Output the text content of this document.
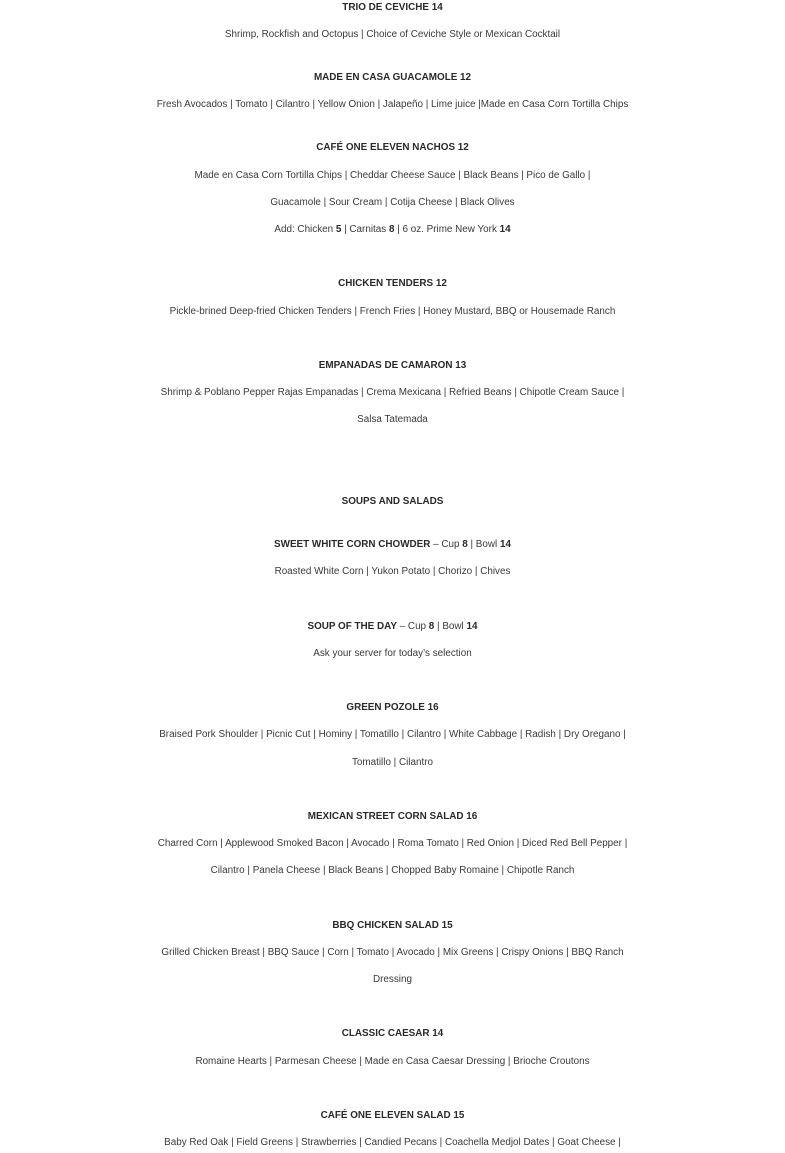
TRIO DE CEVICHE 14
Shrimp, Rockfish and Octopus | Choice of Ceviche Style or Mexican Cocktail
MADE EN CASA GUACAMOLE 12
Fresh Avocados | Tomato | Cilantro | Yellow Onion | Jalapeño | Lime juice |Made en Casa Corn Tortilla Chips
CAFÉ ONE ELEVEN NACHOS 12
Made en Casa Corn Tortilla Chips | Cheddar Cheese Sauce | Black Beans | Pico de Gallo |
Guacamole | Sour Cream | Cotija Cheese | Black Olives
Add: Chicken 5 | Carnitas 8 | 6 oz. Prime New York 14
CHICKEN TENDERS 12
Pickle-brined Deep-fried Chicken Tenders | French Fries | Honey Mustard, BBQ or Housemade Ranch
EMPANADAS DE CAMARON 13
Shrimp & Poblano Pepper Rajas Empanadas | Crema Mexicana | Refried Beans | Chipotle Cream Sauce |
Salsa Tatemada
SOUPS AND SALADS
SWEET WHITE CORN CHOWDER – Cup 8 | Bowl 14
Roasted White Corn | Yukon Potato | Chorizo | Chives
SOUP OF THE DAY – Cup 8 | Bowl 14
Ask your server for today’s selection
GREEN POZOLE 16
Braised Pork Shoulder | Picnic Cut | Hominy | Tomatillo | Cilantro | White Cabbage | Radish | Dry Oregano |
Tomatillo | Cilantro
MEXICAN STREET CORN SALAD 16
Charred Corn | Applewood Smoked Bacon | Avocado | Roma Tomato | Red Onion | Diced Red Bell Pepper |
Cilantro | Panela Cheese | Black Beans | Chopped Baby Romaine | Chipotle Ranch
BBQ CHICKEN SALAD 15
Grilled Chicken Breast | BBQ Sauce | Corn | Tomato | Avocado | Mix Greens | Crispy Onions | BBQ Ranch
Dressing
CLASSIC CAESAR 14
Romaine Hearts | Parmesan Cheese | Made en Casa Caesar Dressing | Brioche Croutons
CAFÉ ONE ELEVEN SALAD 15
Baby Red Oak | Field Greens | Strawberries | Candied Pecans | Coachella Medjol Dates | Goat Cheese |
